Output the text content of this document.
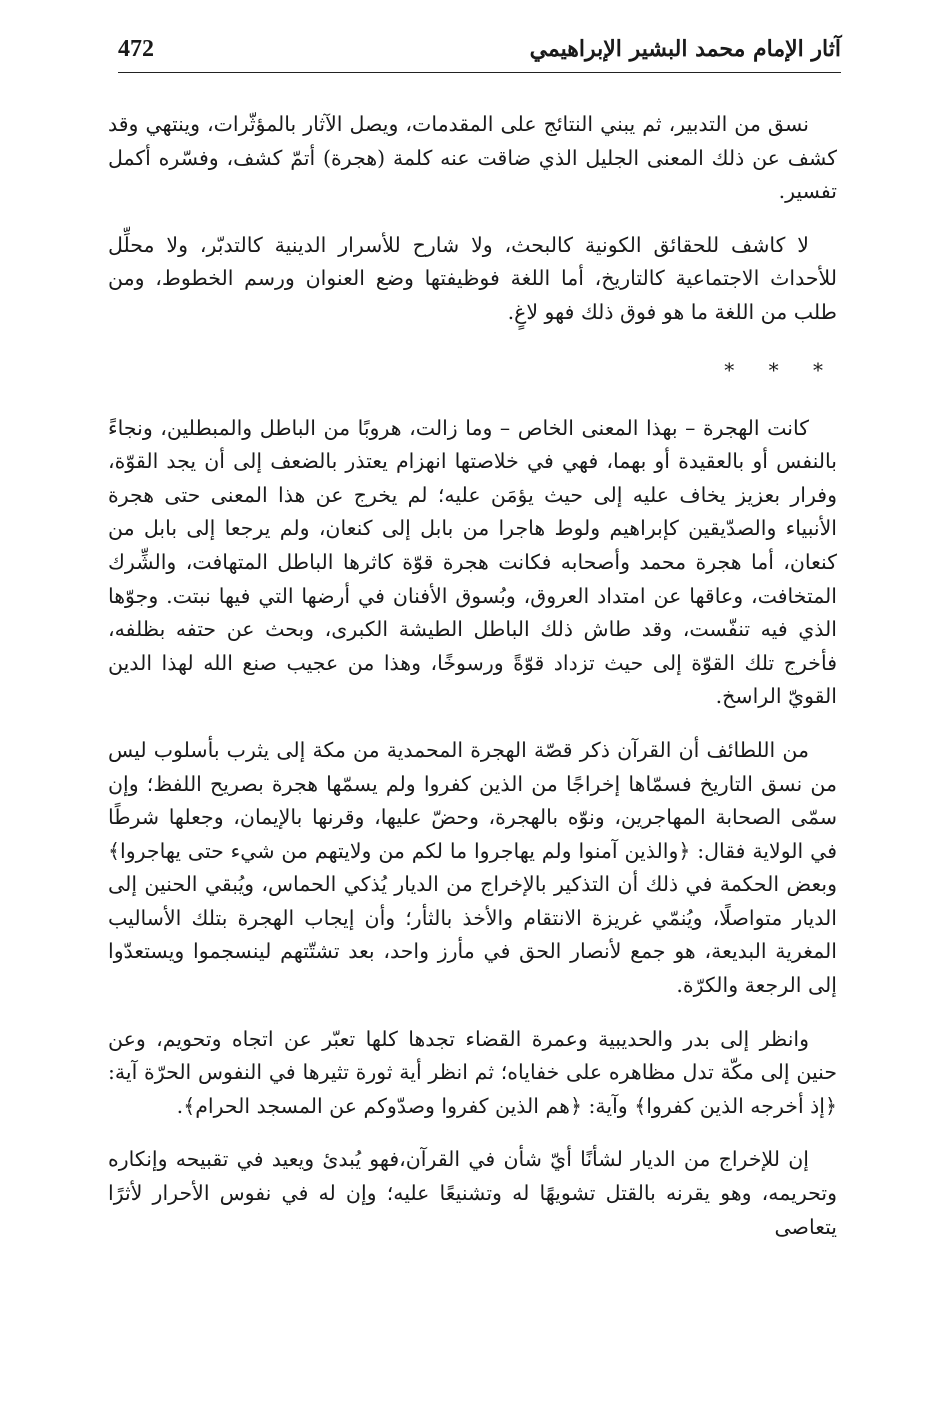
472	آثار الإمام محمد البشير الإبراهيمي

نسق من التدبير، ثم يبني النتائج على المقدمات، ويصل الآثار بالمؤثّرات، وينتهي وقد كشف عن ذلك المعنى الجليل الذي ضاقت عنه كلمة (هجرة) أتمّ كشف، وفسّره أكمل تفسير.

لا كاشف للحقائق الكونية كالبحث، ولا شارح للأسرار الدينية كالتدبّر، ولا محلِّل للأحداث الاجتماعية كالتاريخ، أما اللغة فوظيفتها وضع العنوان ورسم الخطوط، ومن طلب من اللغة ما هو فوق ذلك فهو لاغٍ.

* * *

كانت الهجرة – بهذا المعنى الخاص – وما زالت، هروبًا من الباطل والمبطلين، ونجاءً بالنفس أو بالعقيدة أو بهما، فهي في خلاصتها انهزام يعتذر بالضعف إلى أن يجد القوّة، وفرار بعزيز يخاف عليه إلى حيث يؤمَن عليه؛ لم يخرج عن هذا المعنى حتى هجرة الأنبياء والصدّيقين كإبراهيم ولوط هاجرا من بابل إلى كنعان، ولم يرجعا إلى بابل من كنعان، أما هجرة محمد وأصحابه فكانت هجرة قوّة كاثرها الباطل المتهافت، والشِّرك المتخافت، وعاقها عن امتداد العروق، وبُسوق الأفنان في أرضها التي فيها نبتت. وجوّها الذي فيه تنفّست، وقد طاش ذلك الباطل الطيشة الكبرى، وبحث عن حتفه بظلفه، فأخرج تلك القوّة إلى حيث تزداد قوّةً ورسوخًا، وهذا من عجيب صنع الله لهذا الدين القويّ الراسخ.

من اللطائف أن القرآن ذكر قصّة الهجرة المحمدية من مكة إلى يثرب بأسلوب ليس من نسق التاريخ فسمّاها إخراجًا من الذين كفروا ولم يسمّها هجرة بصريح اللفظ؛ وإن سمّى الصحابة المهاجرين، ونوّه بالهجرة، وحضّ عليها، وقرنها بالإيمان، وجعلها شرطًا في الولاية فقال: ﴿والذين آمنوا ولم يهاجروا ما لكم من ولايتهم من شيء حتى يهاجروا﴾ وبعض الحكمة في ذلك أن التذكير بالإخراج من الديار يُذكي الحماس، ويُبقي الحنين إلى الديار متواصلًا، ويُنمّي غريزة الانتقام والأخذ بالثأر؛ وأن إيجاب الهجرة بتلك الأساليب المغرية البديعة، هو جمع لأنصار الحق في مأرز واحد، بعد تشتّتهم لينسجموا ويستعدّوا إلى الرجعة والكرّة.

وانظر إلى بدر والحديبية وعمرة القضاء تجدها كلها تعبّر عن اتجاه وتحويم، وعن حنين إلى مكّة تدل مظاهره على خفاياه؛ ثم انظر أية ثورة تثيرها في النفوس الحرّة آية: ﴿إذ أخرجه الذين كفروا﴾ وآية: ﴿هم الذين كفروا وصدّوكم عن المسجد الحرام﴾.

إن للإخراج من الديار لشأنًا أيّ شأن في القرآن،فهو يُبدئ ويعيد في تقبيحه وإنكاره وتحريمه، وهو يقرنه بالقتل تشويهًا له وتشنيعًا عليه؛ وإن له في نفوس الأحرار لأثرًا يتعاصى
